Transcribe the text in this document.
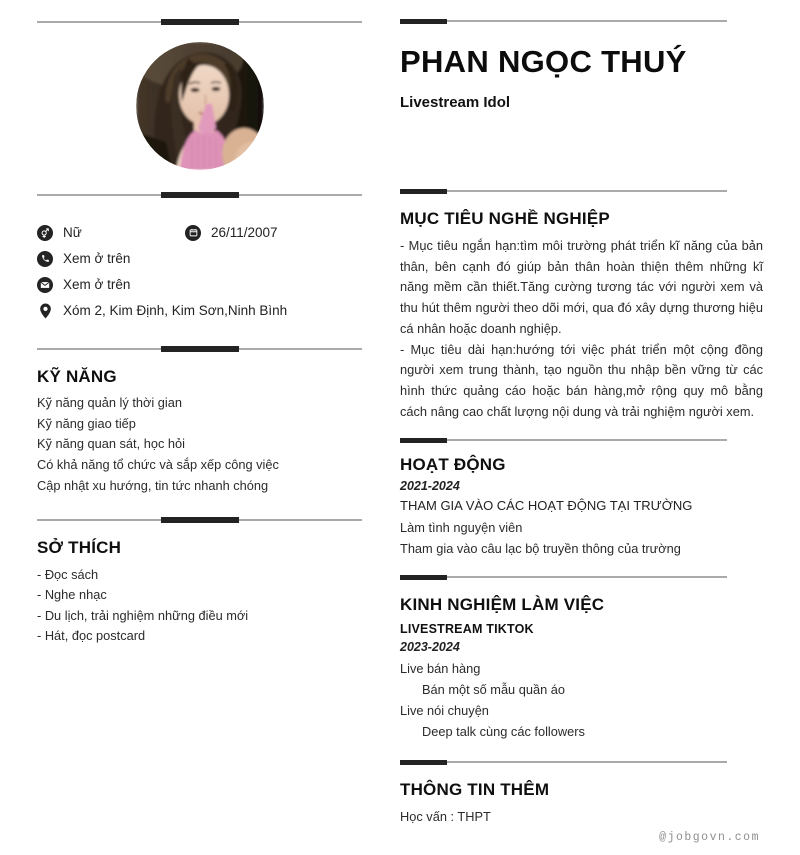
Nữ	26/11/2007
Xem ở trên
Xem ở trên
Xóm 2, Kim Định, Kim Sơn,Ninh Bình
KỸ NĂNG
Kỹ năng quản lý thời gian
Kỹ năng giao tiếp
Kỹ năng quan sát, học hỏi
Có khả năng tổ chức và sắp xếp công việc
Cập nhật xu hướng, tin tức nhanh chóng
SỞ THÍCH
- Đọc sách
- Nghe nhạc
- Du lịch, trải nghiệm những điều mới
- Hát, đọc postcard
PHAN NGỌC THUÝ
Livestream Idol
MỤC TIÊU NGHỀ NGHIỆP

- Mục tiêu ngắn hạn:tìm môi trường phát triển kĩ năng của bản thân, bên cạnh đó giúp bản thân hoàn thiện thêm những kĩ năng mềm cần thiết.Tăng cường tương tác với người xem và thu hút thêm người theo dõi mới, qua đó xây dựng thương hiệu cá nhân hoặc doanh nghiệp.

- Mục tiêu dài hạn:hướng tới việc phát triển một cộng đồng người xem trung thành, tạo nguồn thu nhập bền vững từ các hình thức quảng cáo hoặc bán hàng,mở rộng quy mô bằng cách nâng cao chất lượng nội dung và trải nghiệm người xem.

HOẠT ĐỘNG
2021-2024
THAM GIA VÀO CÁC HOẠT ĐỘNG TẠI TRƯỜNG
Làm tình nguyện viên
Tham gia vào câu lạc bộ truyền thông của trường
KINH NGHIỆM LÀM VIỆC
LIVESTREAM TIKTOK
2023-2024
Live bán hàng
Bán một số mẫu quần áo
Live nói chuyện
Deep talk cùng các followers
THÔNG TIN THÊM
Học vấn : THPT
@jobgovn.com
